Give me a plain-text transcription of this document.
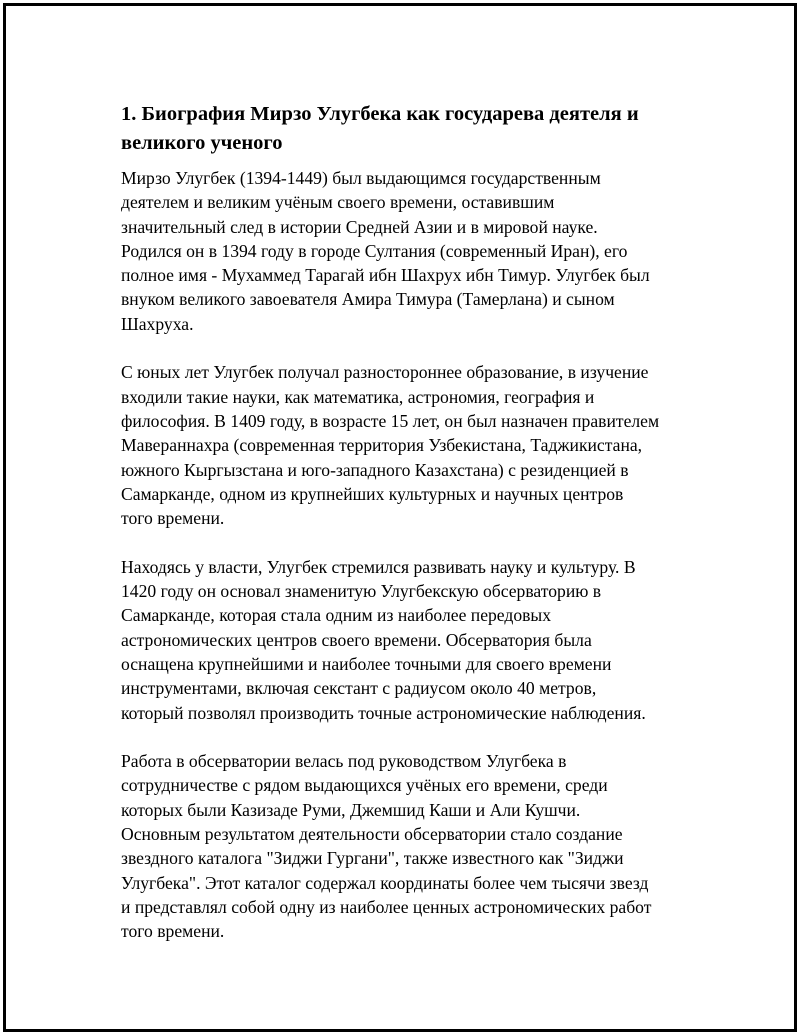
1. Биография Мирзо Улугбека как государева деятеля и
великого ученого

Мирзо Улугбек (1394-1449) был выдающимся государственным
деятелем и великим учёным своего времени, оставившим
значительный след в истории Средней Азии и в мировой науке.
Родился он в 1394 году в городе Султания (современный Иран), его
полное имя - Мухаммед Тарагай ибн Шахрух ибн Тимур. Улугбек был
внуком великого завоевателя Амира Тимура (Тамерлана) и сыном
Шахруха.

С юных лет Улугбек получал разностороннее образование, в изучение
входили такие науки, как математика, астрономия, география и
философия. В 1409 году, в возрасте 15 лет, он был назначен правителем
Мавераннахра (современная территория Узбекистана, Таджикистана,
южного Кыргызстана и юго-западного Казахстана) с резиденцией в
Самарканде, одном из крупнейших культурных и научных центров
того времени.

Находясь у власти, Улугбек стремился развивать науку и культуру. В
1420 году он основал знаменитую Улугбекскую обсерваторию в
Самарканде, которая стала одним из наиболее передовых
астрономических центров своего времени. Обсерватория была
оснащена крупнейшими и наиболее точными для своего времени
инструментами, включая секстант с радиусом около 40 метров,
который позволял производить точные астрономические наблюдения.

Работа в обсерватории велась под руководством Улугбека в
сотрудничестве с рядом выдающихся учёных его времени, среди
которых были Казизаде Руми, Джемшид Каши и Али Кушчи.
Основным результатом деятельности обсерватории стало создание
звездного каталога "Зиджи Гургани", также известного как "Зиджи
Улугбека". Этот каталог содержал координаты более чем тысячи звезд
и представлял собой одну из наиболее ценных астрономических работ
того времени.
